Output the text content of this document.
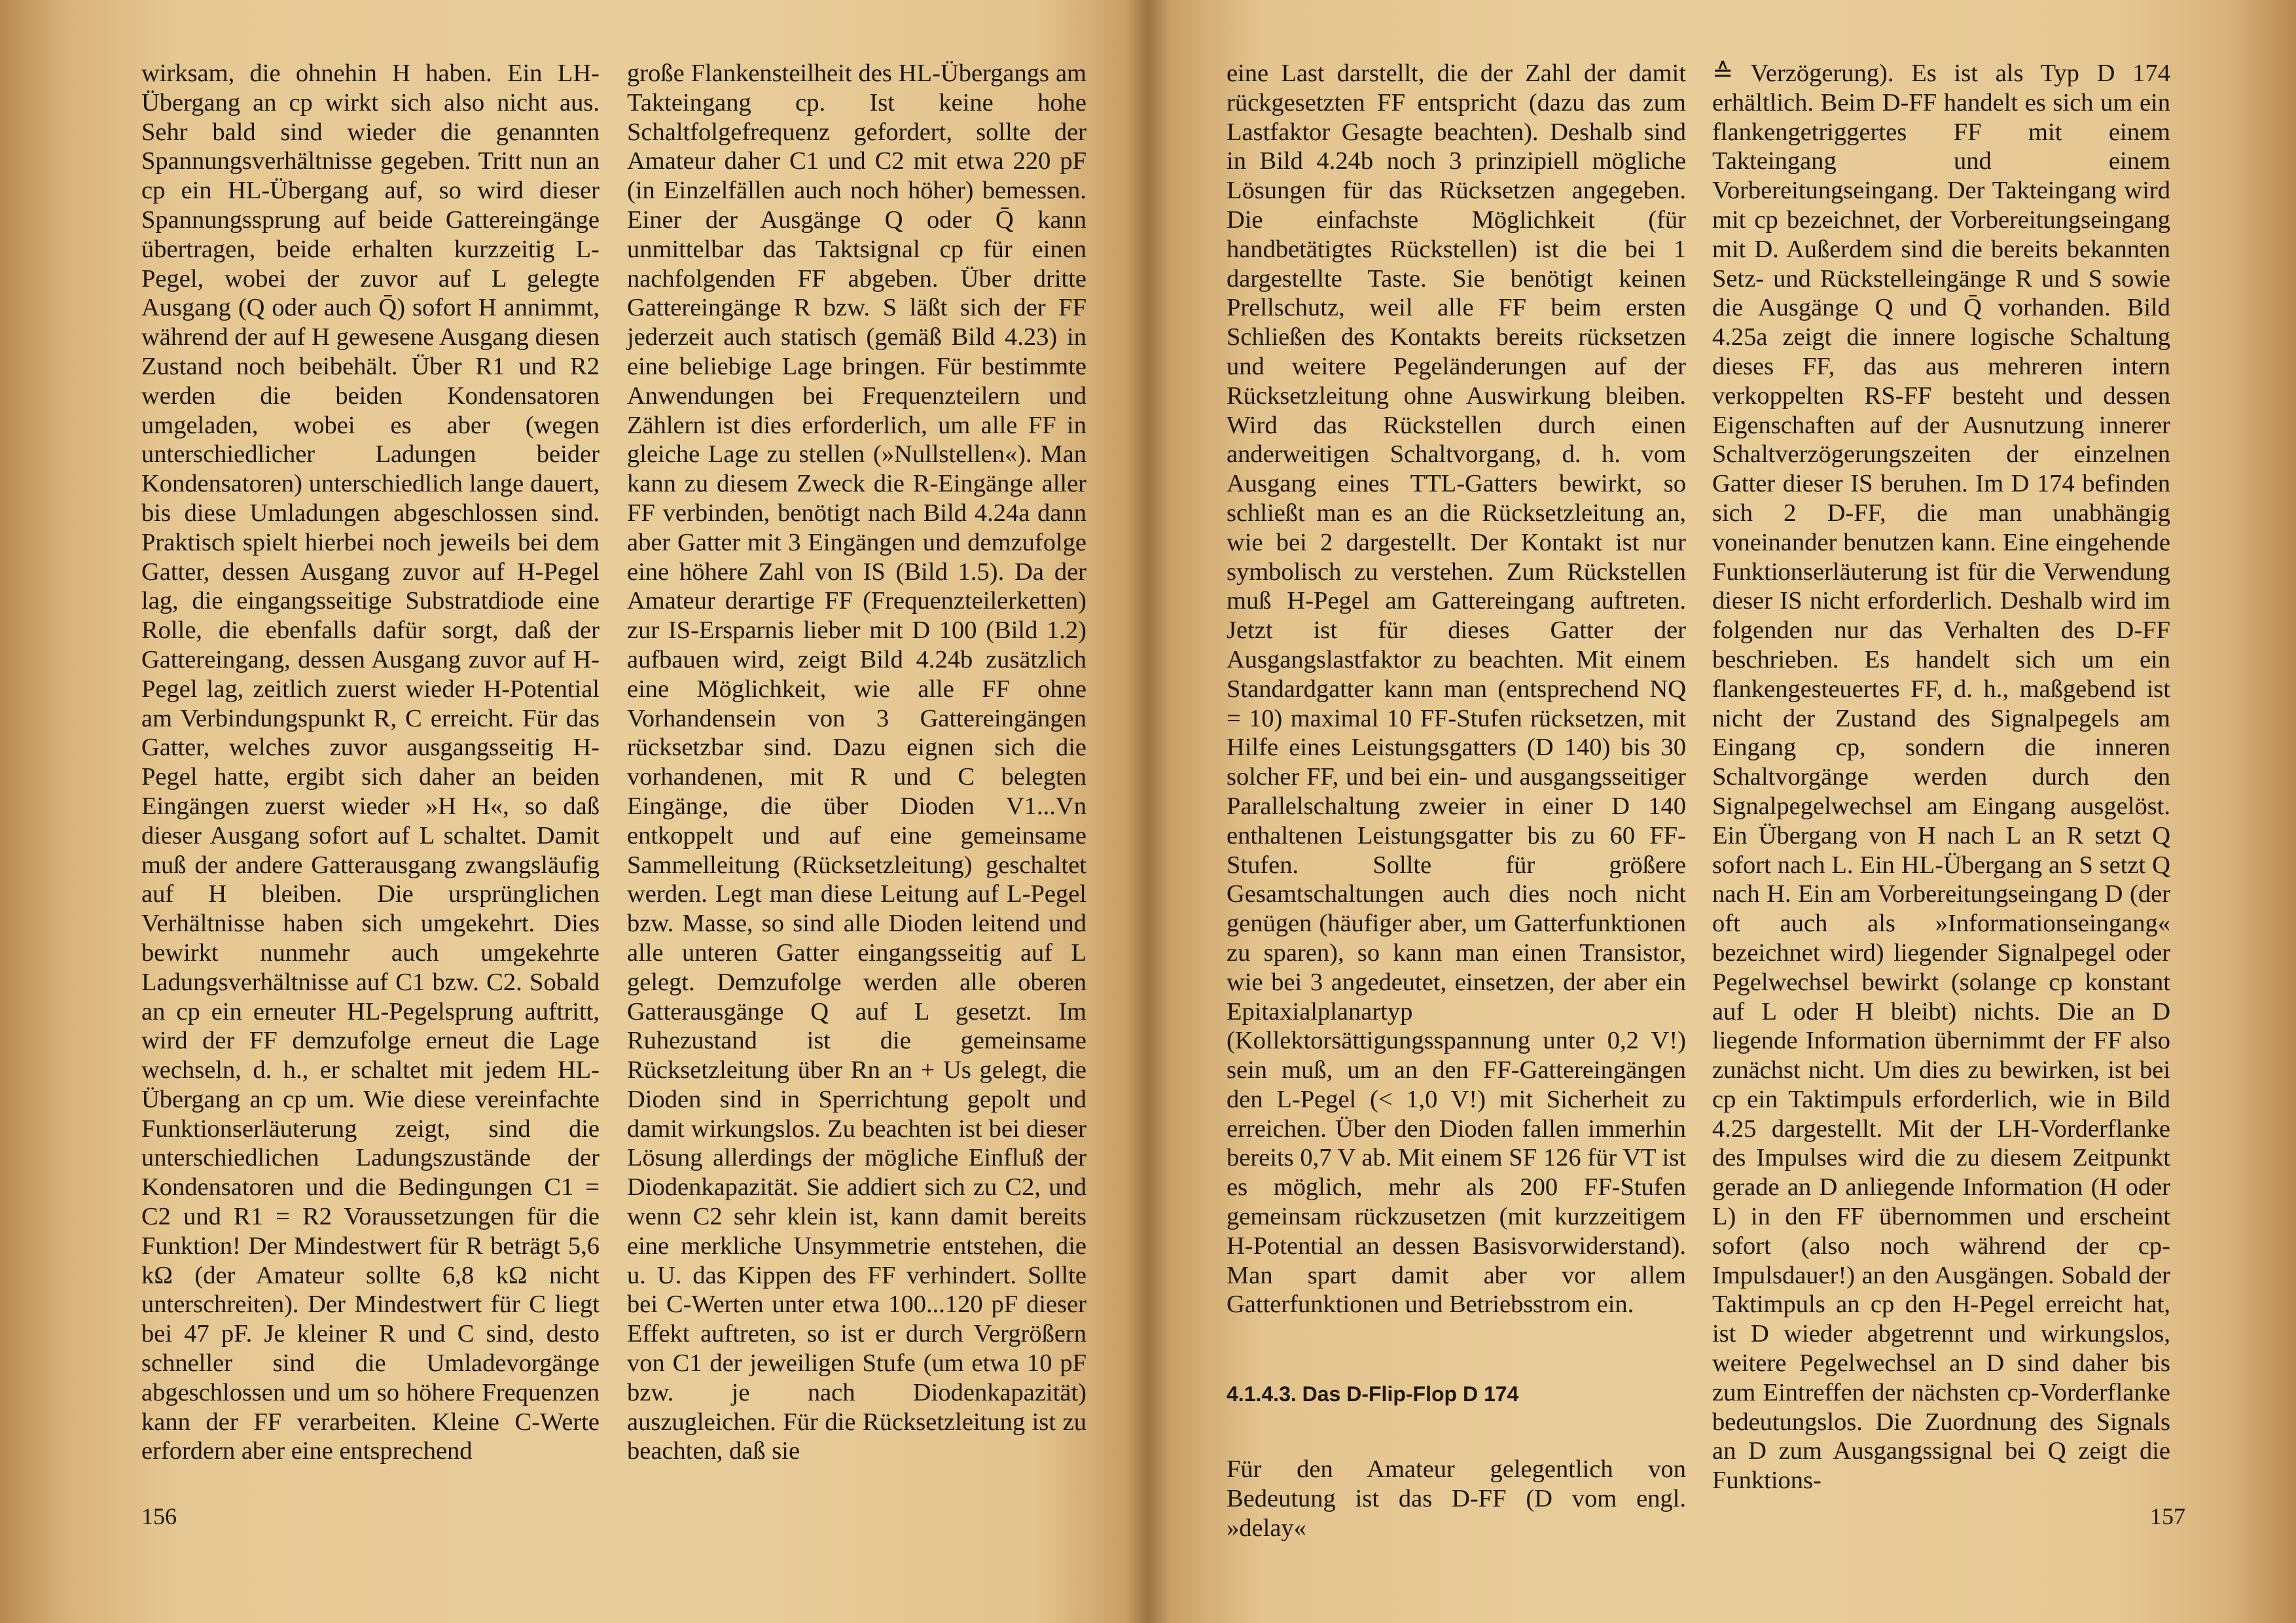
wirksam, die ohnehin H haben. Ein LH-Übergang an cp wirkt sich also nicht aus. Sehr bald sind wieder die genannten Spannungsverhältnisse gegeben. Tritt nun an cp ein HL-Übergang auf, so wird dieser Spannungssprung auf beide Gattereingänge übertragen, beide erhalten kurzzeitig L-Pegel, wobei der zuvor auf L gelegte Ausgang (Q oder auch Q̄) sofort H annimmt, während der auf H gewesene Ausgang diesen Zustand noch beibehält. Über R1 und R2 werden die beiden Kondensatoren umgeladen, wobei es aber (wegen unterschiedlicher Ladungen beider Kondensatoren) unterschiedlich lange dauert, bis diese Umladungen abgeschlossen sind. Praktisch spielt hierbei noch jeweils bei dem Gatter, dessen Ausgang zuvor auf H-Pegel lag, die eingangsseitige Substratdiode eine Rolle, die ebenfalls dafür sorgt, daß der Gattereingang, dessen Ausgang zuvor auf H-Pegel lag, zeitlich zuerst wieder H-Potential am Verbindungspunkt R, C erreicht. Für das Gatter, welches zuvor ausgangsseitig H-Pegel hatte, ergibt sich daher an beiden Eingängen zuerst wieder »H H«, so daß dieser Ausgang sofort auf L schaltet. Damit muß der andere Gatterausgang zwangsläufig auf H bleiben. Die ursprünglichen Verhältnisse haben sich umgekehrt. Dies bewirkt nunmehr auch umgekehrte Ladungsverhältnisse auf C1 bzw. C2. Sobald an cp ein erneuter HL-Pegelsprung auftritt, wird der FF demzufolge erneut die Lage wechseln, d. h., er schaltet mit jedem HL-Übergang an cp um. Wie diese vereinfachte Funktionserläuterung zeigt, sind die unterschiedlichen Ladungszustände der Kondensatoren und die Bedingungen C1 = C2 und R1 = R2 Voraussetzungen für die Funktion! Der Mindestwert für R beträgt 5,6 kΩ (der Amateur sollte 6,8 kΩ nicht unterschreiten). Der Mindestwert für C liegt bei 47 pF. Je kleiner R und C sind, desto schneller sind die Umladevorgänge abgeschlossen und um so höhere Frequenzen kann der FF verarbeiten. Kleine C-Werte erfordern aber eine entsprechend

große Flankensteilheit des HL-Übergangs am Takteingang cp. Ist keine hohe Schaltfolgefrequenz gefordert, sollte der Amateur daher C1 und C2 mit etwa 220 pF (in Einzelfällen auch noch höher) bemessen. Einer der Ausgänge Q oder Q̄ kann unmittelbar das Taktsignal cp für einen nachfolgenden FF abgeben. Über dritte Gattereingänge R bzw. S läßt sich der FF jederzeit auch statisch (gemäß Bild 4.23) in eine beliebige Lage bringen. Für bestimmte Anwendungen bei Frequenzteilern und Zählern ist dies erforderlich, um alle FF in gleiche Lage zu stellen (»Nullstellen«). Man kann zu diesem Zweck die R-Eingänge aller FF verbinden, benötigt nach Bild 4.24a dann aber Gatter mit 3 Eingängen und demzufolge eine höhere Zahl von IS (Bild 1.5). Da der Amateur derartige FF (Frequenzteilerketten) zur IS-Ersparnis lieber mit D 100 (Bild 1.2) aufbauen wird, zeigt Bild 4.24b zusätzlich eine Möglichkeit, wie alle FF ohne Vorhandensein von 3 Gattereingängen rücksetzbar sind. Dazu eignen sich die vorhandenen, mit R und C belegten Eingänge, die über Dioden V1...Vn entkoppelt und auf eine gemeinsame Sammelleitung (Rücksetzleitung) geschaltet werden. Legt man diese Leitung auf L-Pegel bzw. Masse, so sind alle Dioden leitend und alle unteren Gatter eingangsseitig auf L gelegt. Demzufolge werden alle oberen Gatterausgänge Q auf L gesetzt. Im Ruhezustand ist die gemeinsame Rücksetzleitung über Rn an + Us gelegt, die Dioden sind in Sperrichtung gepolt und damit wirkungslos. Zu beachten ist bei dieser Lösung allerdings der mögliche Einfluß der Diodenkapazität. Sie addiert sich zu C2, und wenn C2 sehr klein ist, kann damit bereits eine merkliche Unsymmetrie entstehen, die u. U. das Kippen des FF verhindert. Sollte bei C-Werten unter etwa 100...120 pF dieser Effekt auftreten, so ist er durch Vergrößern von C1 der jeweiligen Stufe (um etwa 10 pF bzw. je nach Diodenkapazität) auszugleichen. Für die Rücksetzleitung ist zu beachten, daß sie

156

eine Last darstellt, die der Zahl der damit rückgesetzten FF entspricht (dazu das zum Lastfaktor Gesagte beachten). Deshalb sind in Bild 4.24b noch 3 prinzipiell mögliche Lösungen für das Rücksetzen angegeben. Die einfachste Möglichkeit (für handbetätigtes Rückstellen) ist die bei 1 dargestellte Taste. Sie benötigt keinen Prellschutz, weil alle FF beim ersten Schließen des Kontakts bereits rücksetzen und weitere Pegeländerungen auf der Rücksetzleitung ohne Auswirkung bleiben. Wird das Rückstellen durch einen anderweitigen Schaltvorgang, d. h. vom Ausgang eines TTL-Gatters bewirkt, so schließt man es an die Rücksetzleitung an, wie bei 2 dargestellt. Der Kontakt ist nur symbolisch zu verstehen. Zum Rückstellen muß H-Pegel am Gattereingang auftreten. Jetzt ist für dieses Gatter der Ausgangslastfaktor zu beachten. Mit einem Standardgatter kann man (entsprechend NQ = 10) maximal 10 FF-Stufen rücksetzen, mit Hilfe eines Leistungsgatters (D 140) bis 30 solcher FF, und bei ein- und ausgangsseitiger Parallelschaltung zweier in einer D 140 enthaltenen Leistungsgatter bis zu 60 FF-Stufen. Sollte für größere Gesamtschaltungen auch dies noch nicht genügen (häufiger aber, um Gatterfunktionen zu sparen), so kann man einen Transistor, wie bei 3 angedeutet, einsetzen, der aber ein Epitaxialplanartyp (Kollektorsättigungsspannung unter 0,2 V!) sein muß, um an den FF-Gattereingängen den L-Pegel (< 1,0 V!) mit Sicherheit zu erreichen. Über den Dioden fallen immerhin bereits 0,7 V ab. Mit einem SF 126 für VT ist es möglich, mehr als 200 FF-Stufen gemeinsam rückzusetzen (mit kurzzeitigem H-Potential an dessen Basisvorwiderstand). Man spart damit aber vor allem Gatterfunktionen und Betriebsstrom ein.

4.1.4.3. Das D-Flip-Flop D 174

Für den Amateur gelegentlich von Bedeutung ist das D-FF (D vom engl. »delay«

≙ Verzögerung). Es ist als Typ D 174 erhältlich. Beim D-FF handelt es sich um ein flankengetriggertes FF mit einem Takteingang und einem Vorbereitungseingang. Der Takteingang wird mit cp bezeichnet, der Vorbereitungseingang mit D. Außerdem sind die bereits bekannten Setz- und Rückstelleingänge R und S sowie die Ausgänge Q und Q̄ vorhanden. Bild 4.25a zeigt die innere logische Schaltung dieses FF, das aus mehreren intern verkoppelten RS-FF besteht und dessen Eigenschaften auf der Ausnutzung innerer Schaltverzögerungszeiten der einzelnen Gatter dieser IS beruhen. Im D 174 befinden sich 2 D-FF, die man unabhängig voneinander benutzen kann. Eine eingehende Funktionserläuterung ist für die Verwendung dieser IS nicht erforderlich. Deshalb wird im folgenden nur das Verhalten des D-FF beschrieben. Es handelt sich um ein flankengesteuertes FF, d. h., maßgebend ist nicht der Zustand des Signalpegels am Eingang cp, sondern die inneren Schaltvorgänge werden durch den Signalpegelwechsel am Eingang ausgelöst. Ein Übergang von H nach L an R setzt Q sofort nach L. Ein HL-Übergang an S setzt Q nach H. Ein am Vorbereitungseingang D (der oft auch als »Informationseingang« bezeichnet wird) liegender Signalpegel oder Pegelwechsel bewirkt (solange cp konstant auf L oder H bleibt) nichts. Die an D liegende Information übernimmt der FF also zunächst nicht. Um dies zu bewirken, ist bei cp ein Taktimpuls erforderlich, wie in Bild 4.25 dargestellt. Mit der LH-Vorderflanke des Impulses wird die zu diesem Zeitpunkt gerade an D anliegende Information (H oder L) in den FF übernommen und erscheint sofort (also noch während der cp-Impulsdauer!) an den Ausgängen. Sobald der Taktimpuls an cp den H-Pegel erreicht hat, ist D wieder abgetrennt und wirkungslos, weitere Pegelwechsel an D sind daher bis zum Eintreffen der nächsten cp-Vorderflanke bedeutungslos. Die Zuordnung des Signals an D zum Ausgangssignal bei Q zeigt die Funktions-

157
